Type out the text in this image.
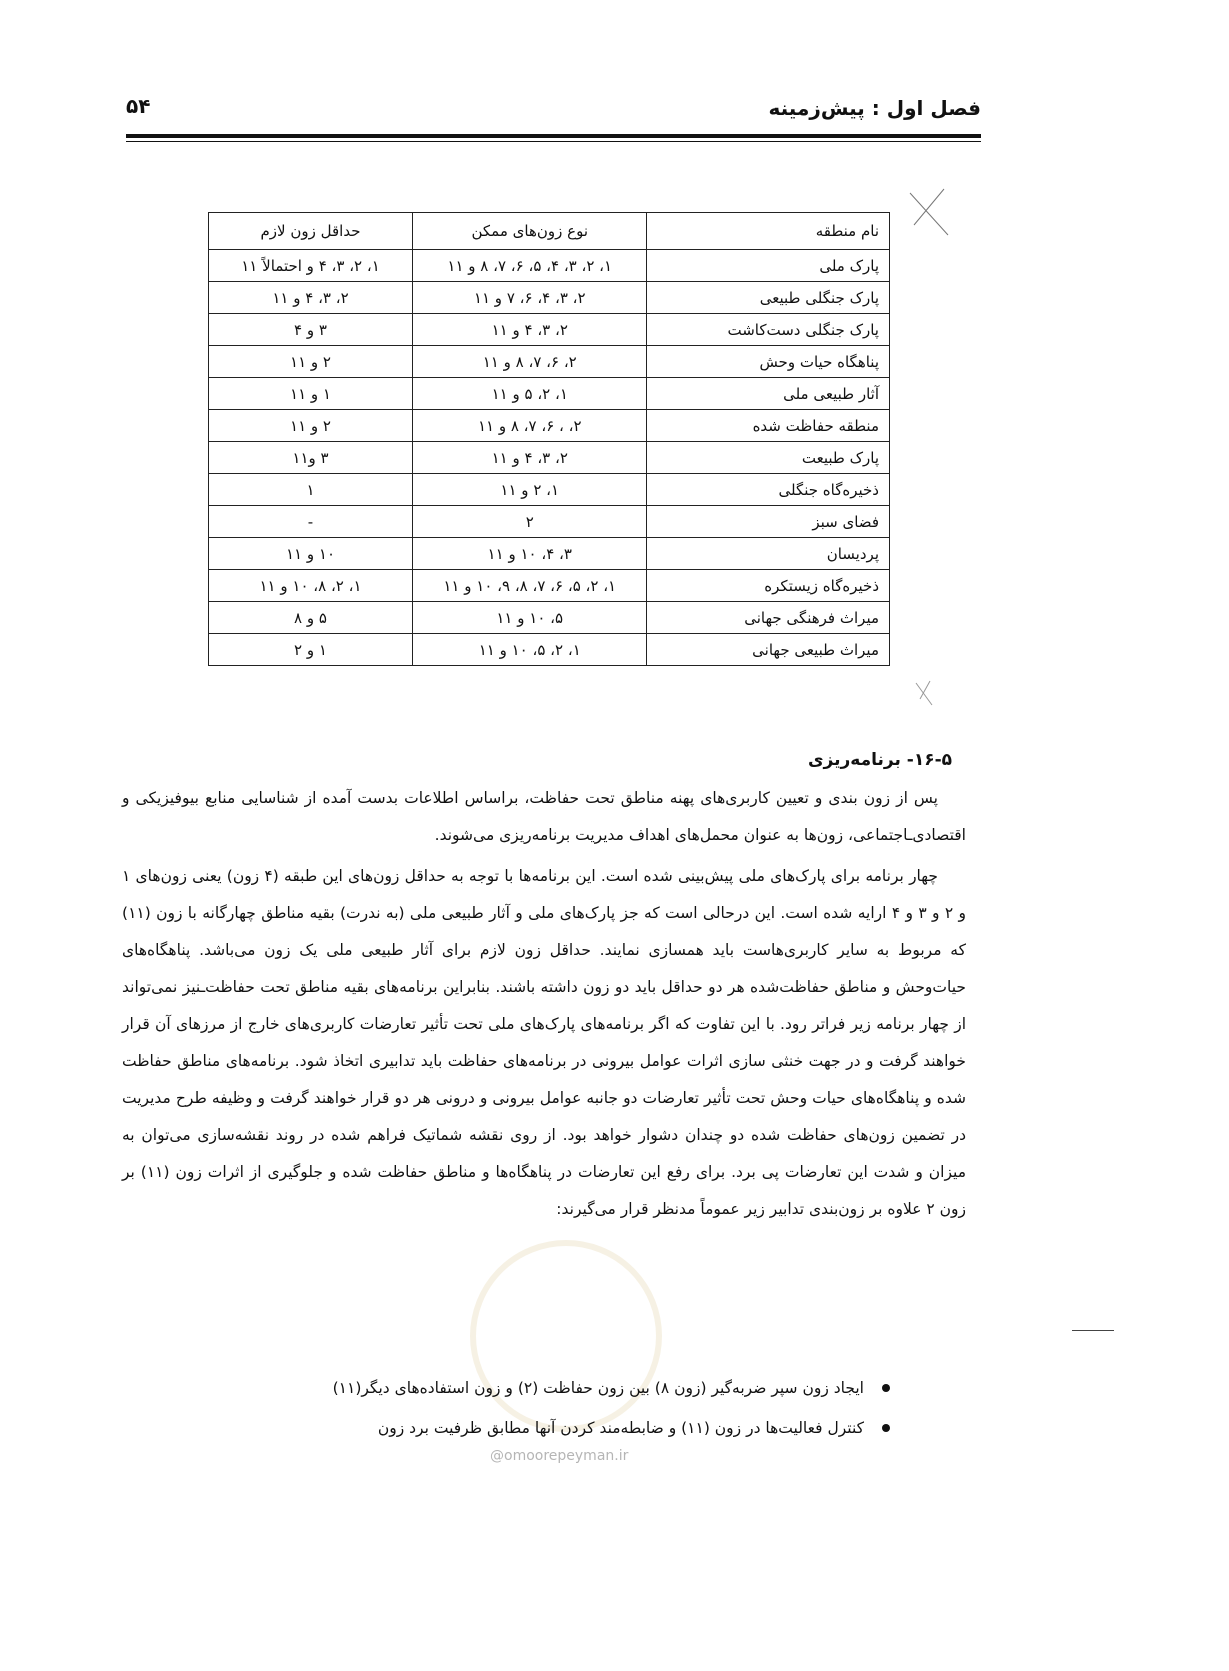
فصل اول : پیش‌زمینه
۵۴
نام منطقه	نوع زون‌های ممکن	حداقل زون لازم
پارک ملی	۱، ۲، ۳، ۴، ۵، ۶، ۷، ۸ و ۱۱	۱، ۲، ۳، ۴ و احتمالاً ۱۱
پارک جنگلی طبیعی	۲، ۳، ۴، ۶، ۷ و ۱۱	۲، ۳، ۴ و ۱۱
پارک جنگلی دست‌کاشت	۲، ۳، ۴ و ۱۱	۳ و ۴
پناهگاه حیات وحش	۲، ۶، ۷، ۸ و ۱۱	۲ و ۱۱
آثار طبیعی ملی	۱، ۲، ۵ و ۱۱	۱ و ۱۱
منطقه حفاظت شده	۲، ، ۶، ۷، ۸ و ۱۱	۲ و ۱۱
پارک طبیعت	۲، ۳، ۴ و ۱۱	۳ و۱۱
ذخیره‌گاه جنگلی	۱، ۲ و ۱۱	۱
فضای سبز	۲	-
پردیسان	۳، ۴، ۱۰ و ۱۱	۱۰ و ۱۱
ذخیره‌گاه زیستکره	۱، ۲، ۵، ۶، ۷، ۸، ۹، ۱۰ و ۱۱	۱، ۲، ۸، ۱۰ و ۱۱
میراث فرهنگی جهانی	۵، ۱۰ و ۱۱	۵ و ۸
میراث طبیعی جهانی	۱، ۲، ۵، ۱۰ و ۱۱	۱ و ۲
۱۶-۵- برنامه‌ریزی

پس از زون بندی و تعیین کاربری‌های پهنه مناطق تحت حفاظت، براساس اطلاعات بدست آمده از شناسایی منابع بیوفیزیکی و اقتصادی‌ـاجتماعی، زون‌ها به عنوان محمل‌های اهداف مدیریت برنامه‌ریزی می‌شوند.

چهار برنامه برای پارک‌های ملی پیش‌بینی شده است. این برنامه‌ها با توجه به حداقل زون‌های این طبقه (۴ زون) یعنی زون‌های ۱ و ۲ و ۳ و ۴ ارایه شده است. این درحالی است که جز پارک‌های ملی و آثار طبیعی ملی (به ندرت) بقیه مناطق چهارگانه با زون (۱۱) که مربوط به سایر کاربری‌هاست باید همسازی نمایند. حداقل زون لازم برای آثار طبیعی ملی یک زون می‌باشد. پناهگاه‌های حیات‌وحش و مناطق حفاظت‌شده هر دو حداقل باید دو زون داشته باشند. بنابراین برنامه‌های بقیه مناطق تحت حفاظت‌ـنیز نمی‌تواند از چهار برنامه زیر فراتر رود. با این تفاوت که اگر برنامه‌های پارک‌های ملی تحت تأثیر تعارضات کاربری‌های خارج از مرزهای آن قرار خواهند گرفت و در جهت خنثی سازی اثرات عوامل بیرونی در برنامه‌های حفاظت باید تدابیری اتخاذ شود. برنامه‌های مناطق حفاظت شده و پناهگاه‌های حیات وحش تحت تأثیر تعارضات دو جانبه عوامل بیرونی و درونی هر دو قرار خواهند گرفت و وظیفه طرح مدیریت در تضمین زون‌های حفاظت شده دو چندان دشوار خواهد بود. از روی نقشه شماتیک فراهم شده در روند نقشه‌سازی می‌توان به میزان و شدت این تعارضات پی برد. برای رفع این تعارضات در پناهگاه‌ها و مناطق حفاظت شده و جلوگیری از اثرات زون (۱۱) بر زون ۲ علاوه بر زون‌بندی تدابیر زیر عموماً مدنظر قرار می‌گیرند:

ایجاد زون سپر ضربه‌گیر (زون ۸) بین زون حفاظت (۲) و زون استفاده‌های دیگر(۱۱)
کنترل فعالیت‌ها در زون (۱۱) و ضابطه‌مند کردن آنها مطابق ظرفیت برد زون
@omoorepeyman.ir
